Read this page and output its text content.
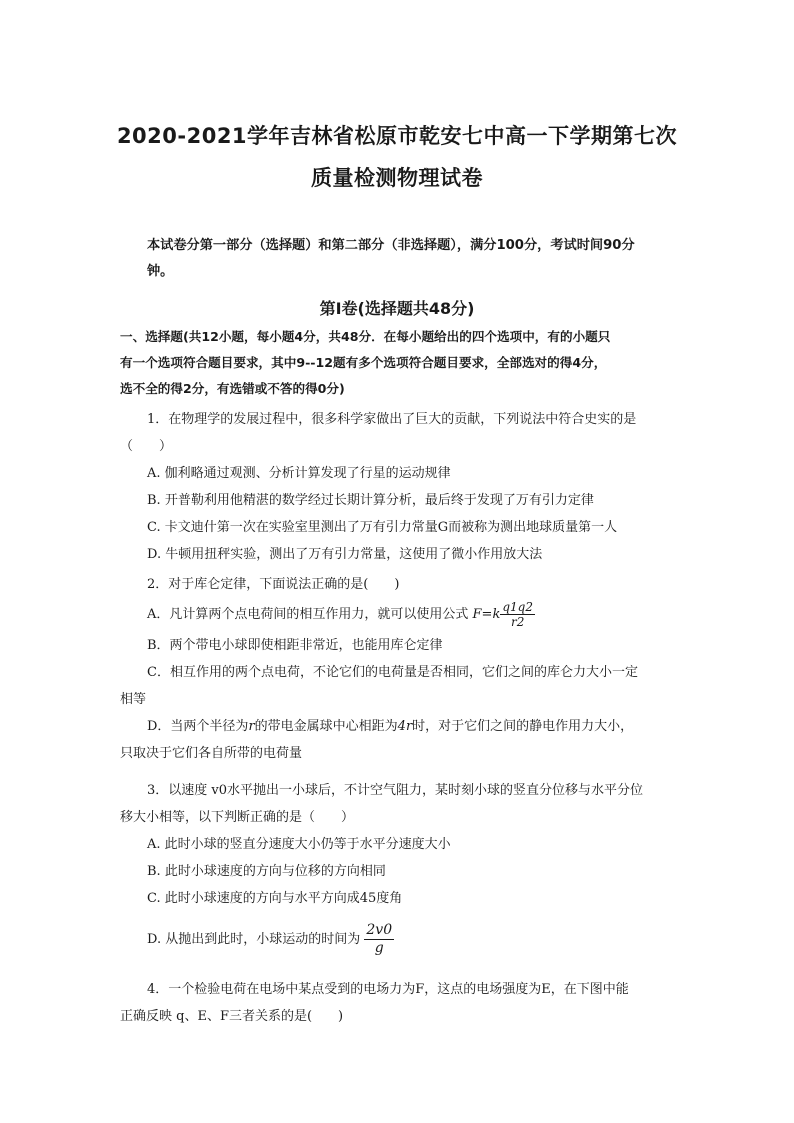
2020-2021学年吉林省松原市乾安七中高一下学期第七次
质量检测物理试卷
本试卷分第一部分（选择题）和第二部分（非选择题），满分100分，考试时间90分
钟。
第Ⅰ卷(选择题共48分)
一、选择题(共12小题，每小题4分，共48分．在每小题给出的四个选项中，有的小题只
有一个选项符合题目要求，其中9--12题有多个选项符合题目要求，全部选对的得4分，
选不全的得2分，有选错或不答的得0分)
1．在物理学的发展过程中，很多科学家做出了巨大的贡献，下列说法中符合史实的是
（　　）
A. 伽利略通过观测、分析计算发现了行星的运动规律
B. 开普勒利用他精湛的数学经过长期计算分析，最后终于发现了万有引力定律
C. 卡文迪什第一次在实验室里测出了万有引力常量G而被称为测出地球质量第一人
D. 牛顿用扭秤实验，测出了万有引力常量，这使用了微小作用放大法
2．对于库仑定律，下面说法正确的是(　　)
A．凡计算两个点电荷间的相互作用力，就可以使用公式 $F=k \frac{q1q2}{r2}$
B．两个带电小球即使相距非常近，也能用库仑定律
C．相互作用的两个点电荷，不论它们的电荷量是否相同，它们之间的库仑力大小一定
相等
D．当两个半径为r的带电金属球中心相距为4r时，对于它们之间的静电作用力大小，
只取决于它们各自所带的电荷量
3．以速度 v0水平抛出一小球后，不计空气阻力，某时刻小球的竖直分位移与水平分位
移大小相等，以下判断正确的是（　　）
A. 此时小球的竖直分速度大小仍等于水平分速度大小
B. 此时小球速度的方向与位移的方向相同
C. 此时小球速度的方向与水平方向成45度角
D. 从抛出到此时，小球运动的时间为 $\frac{2v0}{g}$
4．一个检验电荷在电场中某点受到的电场力为F，这点的电场强度为E，在下图中能
正确反映 q、E、F三者关系的是(　　)
